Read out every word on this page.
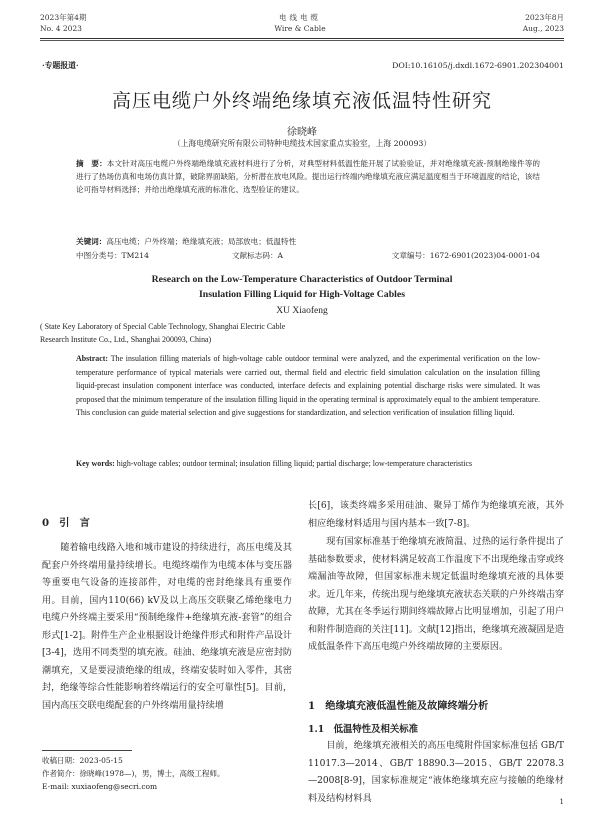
2023年第4期
No. 4 2023
电线电缆
Wire & Cable
2023年8月
Aug., 2023
·专题报道·	DOI:10.16105/j.dxdl.1672-6901.202304001
高压电缆户外终端绝缘填充液低温特性研究
徐晓峰
（上海电缆研究所有限公司特种电缆技术国家重点实验室，上海 200093）
摘　要：本文针对高压电缆户外终端绝缘填充液材料进行了分析，对典型材料低温性能开展了试验验证，并对绝缘填充液-预制绝缘件等的进行了热场仿真和电场仿真计算，破除界面缺陷，分析潜在放电风险。提出运行终端内绝缘填充液应满足温度相当于环境温度的结论，该结论可指导材料选择；并给出绝缘填充液的标准化、选型验证的建议。
关键词：高压电缆；户外终端；绝缘填充液；局部放电；低温特性
中图分类号：TM214	文献标志码：A	文章编号：1672-6901(2023)04-0001-04
Research on the Low-Temperature Characteristics of Outdoor Terminal
Insulation Filling Liquid for High-Voltage Cables
XU Xiaofeng
( State Key Laboratory of Special Cable Technology, Shanghai Electric Cable
Research Institute Co., Ltd., Shanghai 200093, China)
Abstract: The insulation filling materials of high-voltage cable outdoor terminal were analyzed, and the experimental verification on the low-temperature performance of typical materials were carried out, thermal field and electric field simulation calculation on the insulation filling liquid-precast insulation component interface was conducted, interface defects and explaining potential discharge risks were simulated. It was proposed that the minimum temperature of the insulation filling liquid in the operating terminal is approximately equal to the ambient temperature. This conclusion can guide material selection and give suggestions for standardization, and selection verification of insulation filling liquid.
Key words: high-voltage cables; outdoor terminal; insulation filling liquid; partial discharge; low-temperature characteristics
0　引　言
随着输电线路入地和城市建设的持续进行，高压电缆及其配套户外终端用量持续增长。电缆终端作为电缆本体与变压器等重要电气设备的连接部件，对电缆的密封绝缘具有重要作用。目前，国内110(66) kV及以上高压交联聚乙烯绝缘电力电缆户外终端主要采用“预制绝缘件+绝缘填充液-套管”的组合形式[1-2]。附件生产企业根据设计绝缘件形式和附件产品设计[3-4]，选用不同类型的填充液。硅油、绝缘填充液是应密封防潮填充，又是要浸渍绝缘的组成，终端安装时如入零件，其密封，绝缘等综合性能影响着终端运行的安全可靠性[5]。目前，国内高压交联电缆配套的户外终端用量持续增
收稿日期：2023-05-15
作者简介：徐晓峰(1978—)，男，博士，高级工程师。
E-mail: xuxiaofeng@secri.com
长[6]，该类终端多采用硅油、聚异丁烯作为绝缘填充液，其外相应绝缘材料适用与国内基本一致[7-8]。
现有国家标准基于绝缘填充液简温、过热的运行条件提出了基础参数要求，使材料满足较高工作温度下不出现绝缘击穿或终端漏油等故障，但国家标准未规定低温时绝缘填充液的具体要求。近几年来，传统出现与绝缘填充液状态关联的户外终端击穿故障，尤其在冬季运行期间终端故障占比明显增加，引起了用户和附件制造商的关注[11]。文献[12]指出，绝缘填充液凝固是造成低温条件下高压电缆户外终端故障的主要原因。
1　绝缘填充液低温性能及故障终端分析
1.1　低温特性及相关标准
目前，绝缘填充液相关的高压电缆附件国家标准包括 GB/T 11017.3—2014、GB/T 18890.3—2015、GB/T 22078.3—2008[8-9]，国家标准规定“液体绝缘填充应与接触的绝缘材料及结构材料具	1
